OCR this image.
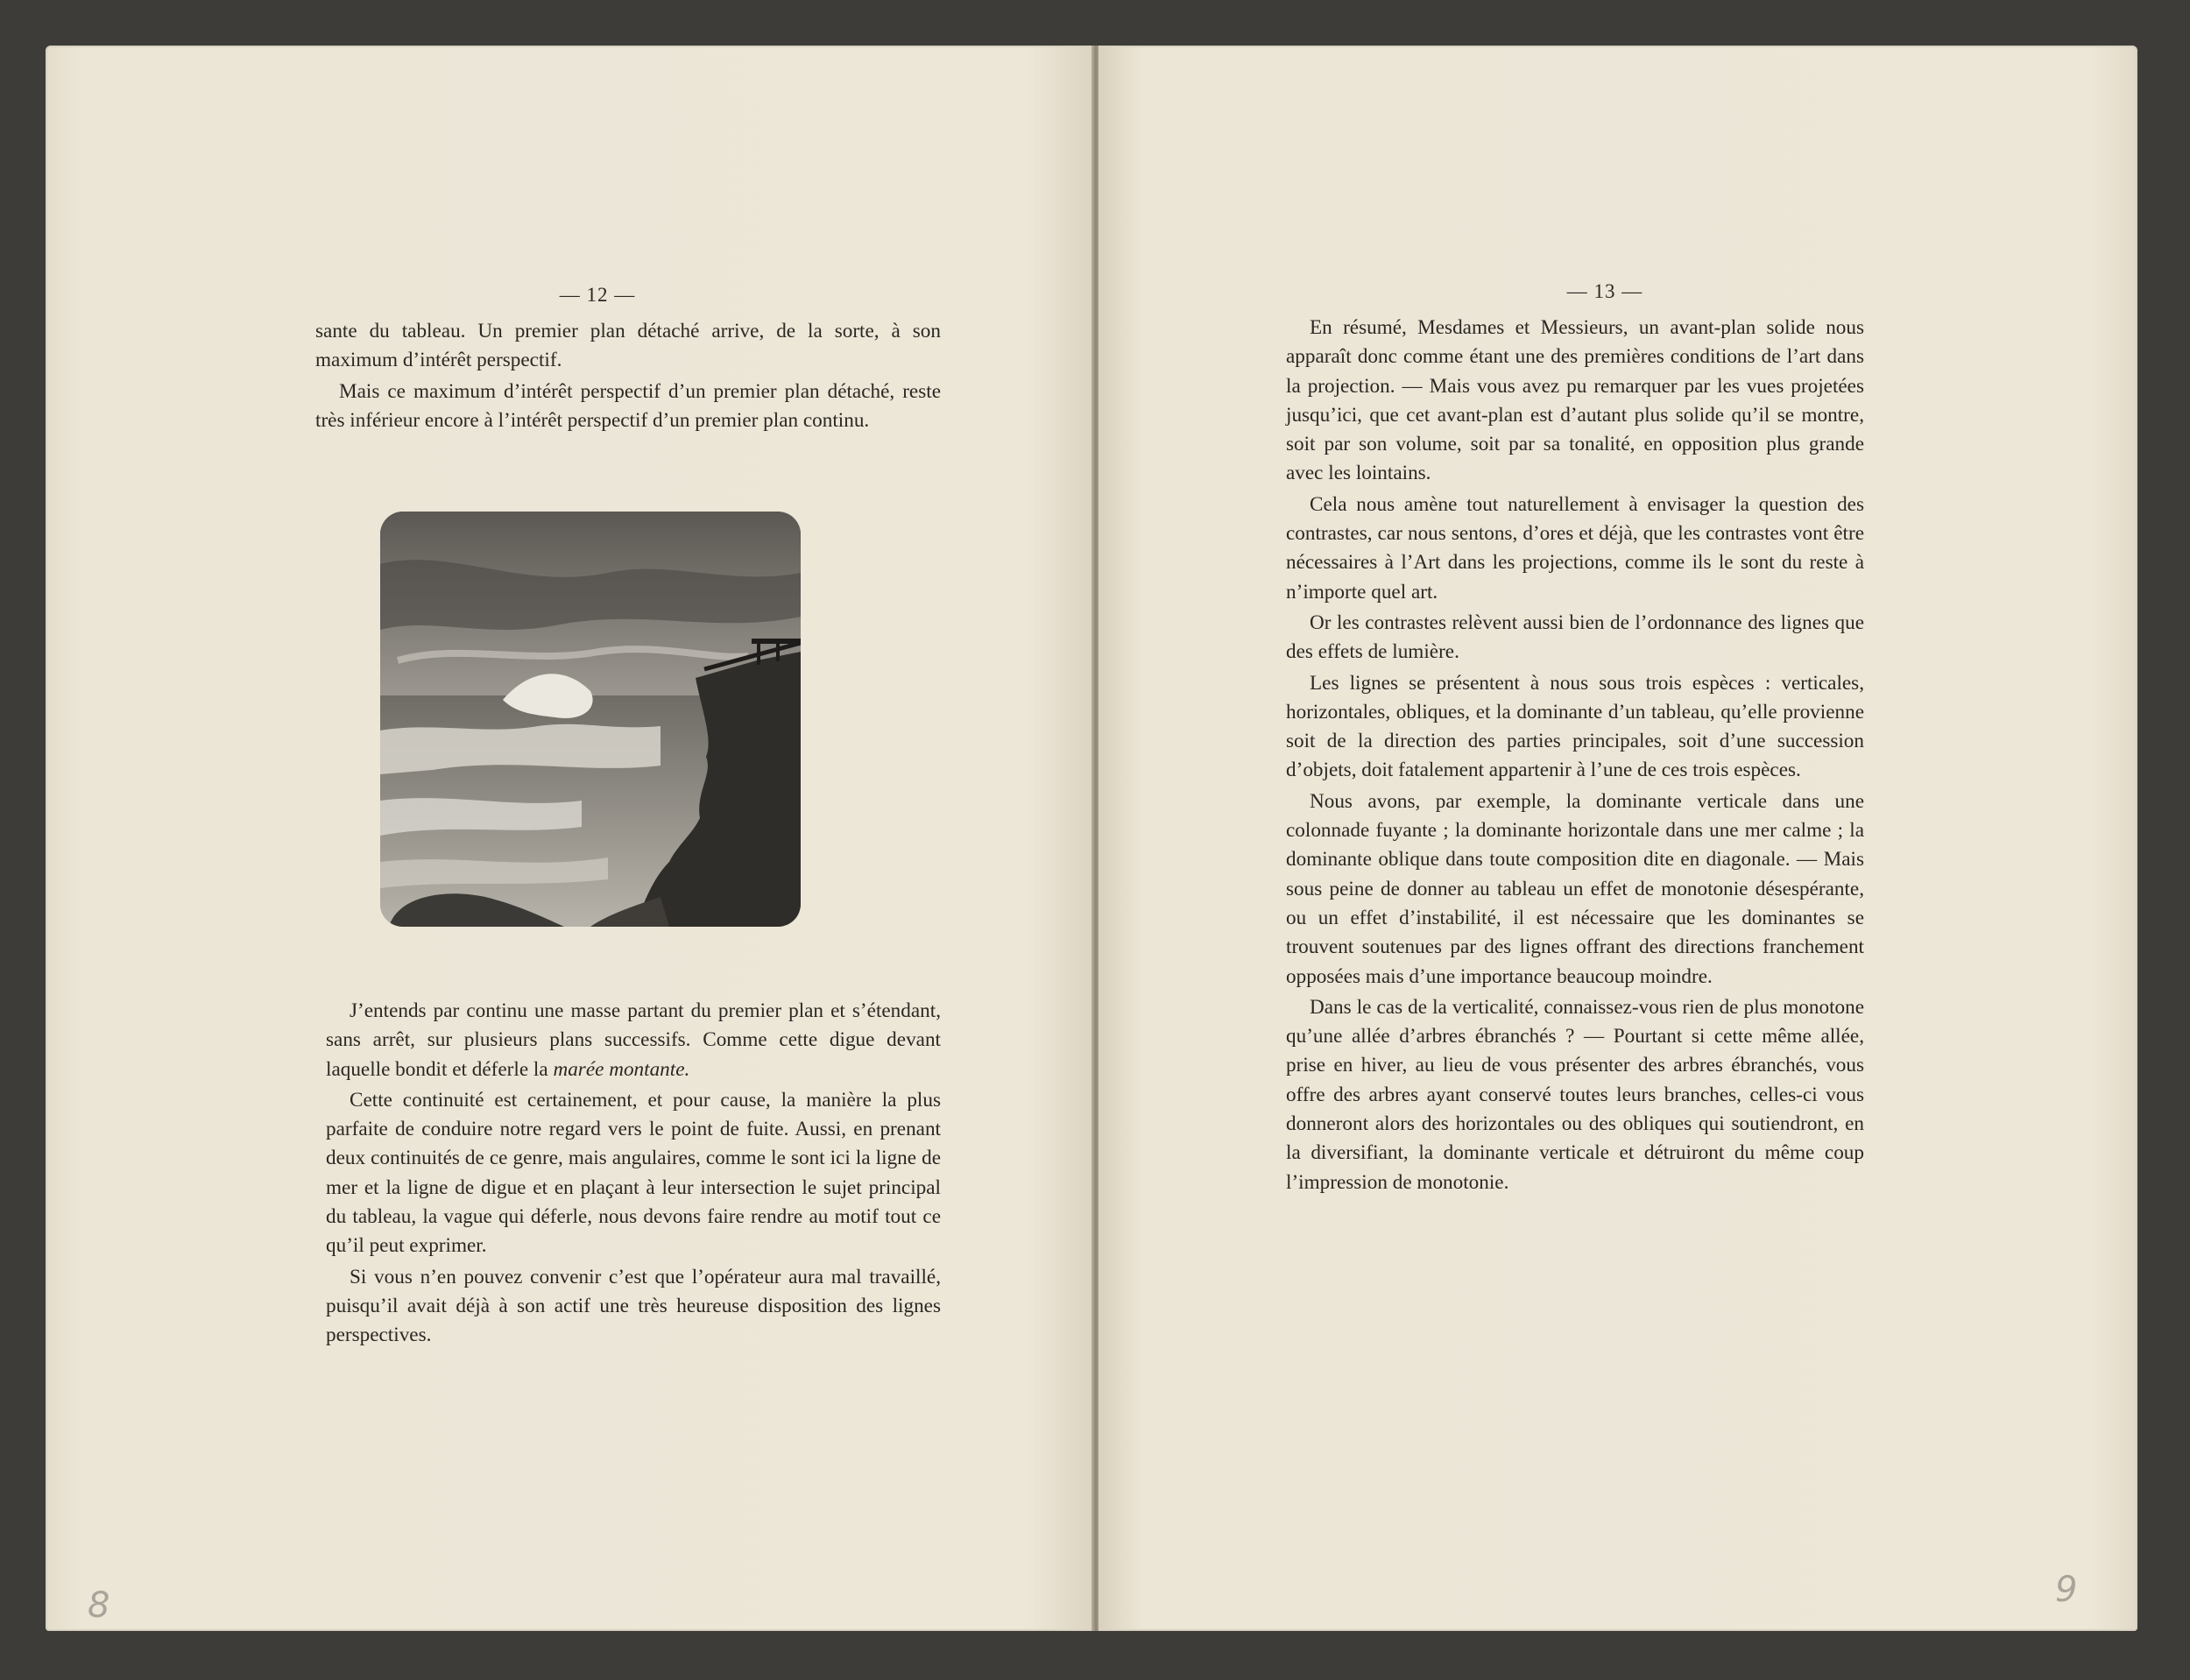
— 12 —

sante du tableau. Un premier plan détaché arrive, de la sorte, à son maximum d’intérêt perspectif.

Mais ce maximum d’intérêt perspectif d’un premier plan détaché, reste très inférieur encore à l’intérêt perspectif d’un premier plan continu.

J’entends par continu une masse partant du premier plan et s’étendant, sans arrêt, sur plusieurs plans successifs. Comme cette digue devant laquelle bondit et déferle la marée montante.

Cette continuité est certainement, et pour cause, la manière la plus parfaite de conduire notre regard vers le point de fuite. Aussi, en prenant deux continuités de ce genre, mais angulaires, comme le sont ici la ligne de mer et la ligne de digue et en plaçant à leur intersection le sujet principal du tableau, la vague qui déferle, nous devons faire rendre au motif tout ce qu’il peut exprimer.

Si vous n’en pouvez convenir c’est que l’opérateur aura mal travaillé, puisqu’il avait déjà à son actif une très heureuse disposition des lignes perspectives.

8
— 13 —

En résumé, Mesdames et Messieurs, un avant-plan solide nous apparaît donc comme étant une des premières conditions de l’art dans la projection. — Mais vous avez pu remarquer par les vues projetées jusqu’ici, que cet avant-plan est d’autant plus solide qu’il se montre, soit par son volume, soit par sa tonalité, en opposition plus grande avec les lointains.

Cela nous amène tout naturellement à envisager la question des contrastes, car nous sentons, d’ores et déjà, que les contrastes vont être nécessaires à l’Art dans les projections, comme ils le sont du reste à n’importe quel art.

Or les contrastes relèvent aussi bien de l’ordonnance des lignes que des effets de lumière.

Les lignes se présentent à nous sous trois espèces : verticales, horizontales, obliques, et la dominante d’un tableau, qu’elle provienne soit de la direction des parties principales, soit d’une succession d’objets, doit fatalement appartenir à l’une de ces trois espèces.

Nous avons, par exemple, la dominante verticale dans une colonnade fuyante ; la dominante horizontale dans une mer calme ; la dominante oblique dans toute composition dite en diagonale. — Mais sous peine de donner au tableau un effet de monotonie désespérante, ou un effet d’instabilité, il est nécessaire que les dominantes se trouvent soutenues par des lignes offrant des directions franchement opposées mais d’une importance beaucoup moindre.

Dans le cas de la verticalité, connaissez-vous rien de plus monotone qu’une allée d’arbres ébranchés ? — Pourtant si cette même allée, prise en hiver, au lieu de vous présenter des arbres ébranchés, vous offre des arbres ayant conservé toutes leurs branches, celles-ci vous donneront alors des horizontales ou des obliques qui soutiendront, en la diversifiant, la dominante verticale et détruiront du même coup l’impression de monotonie.

9
